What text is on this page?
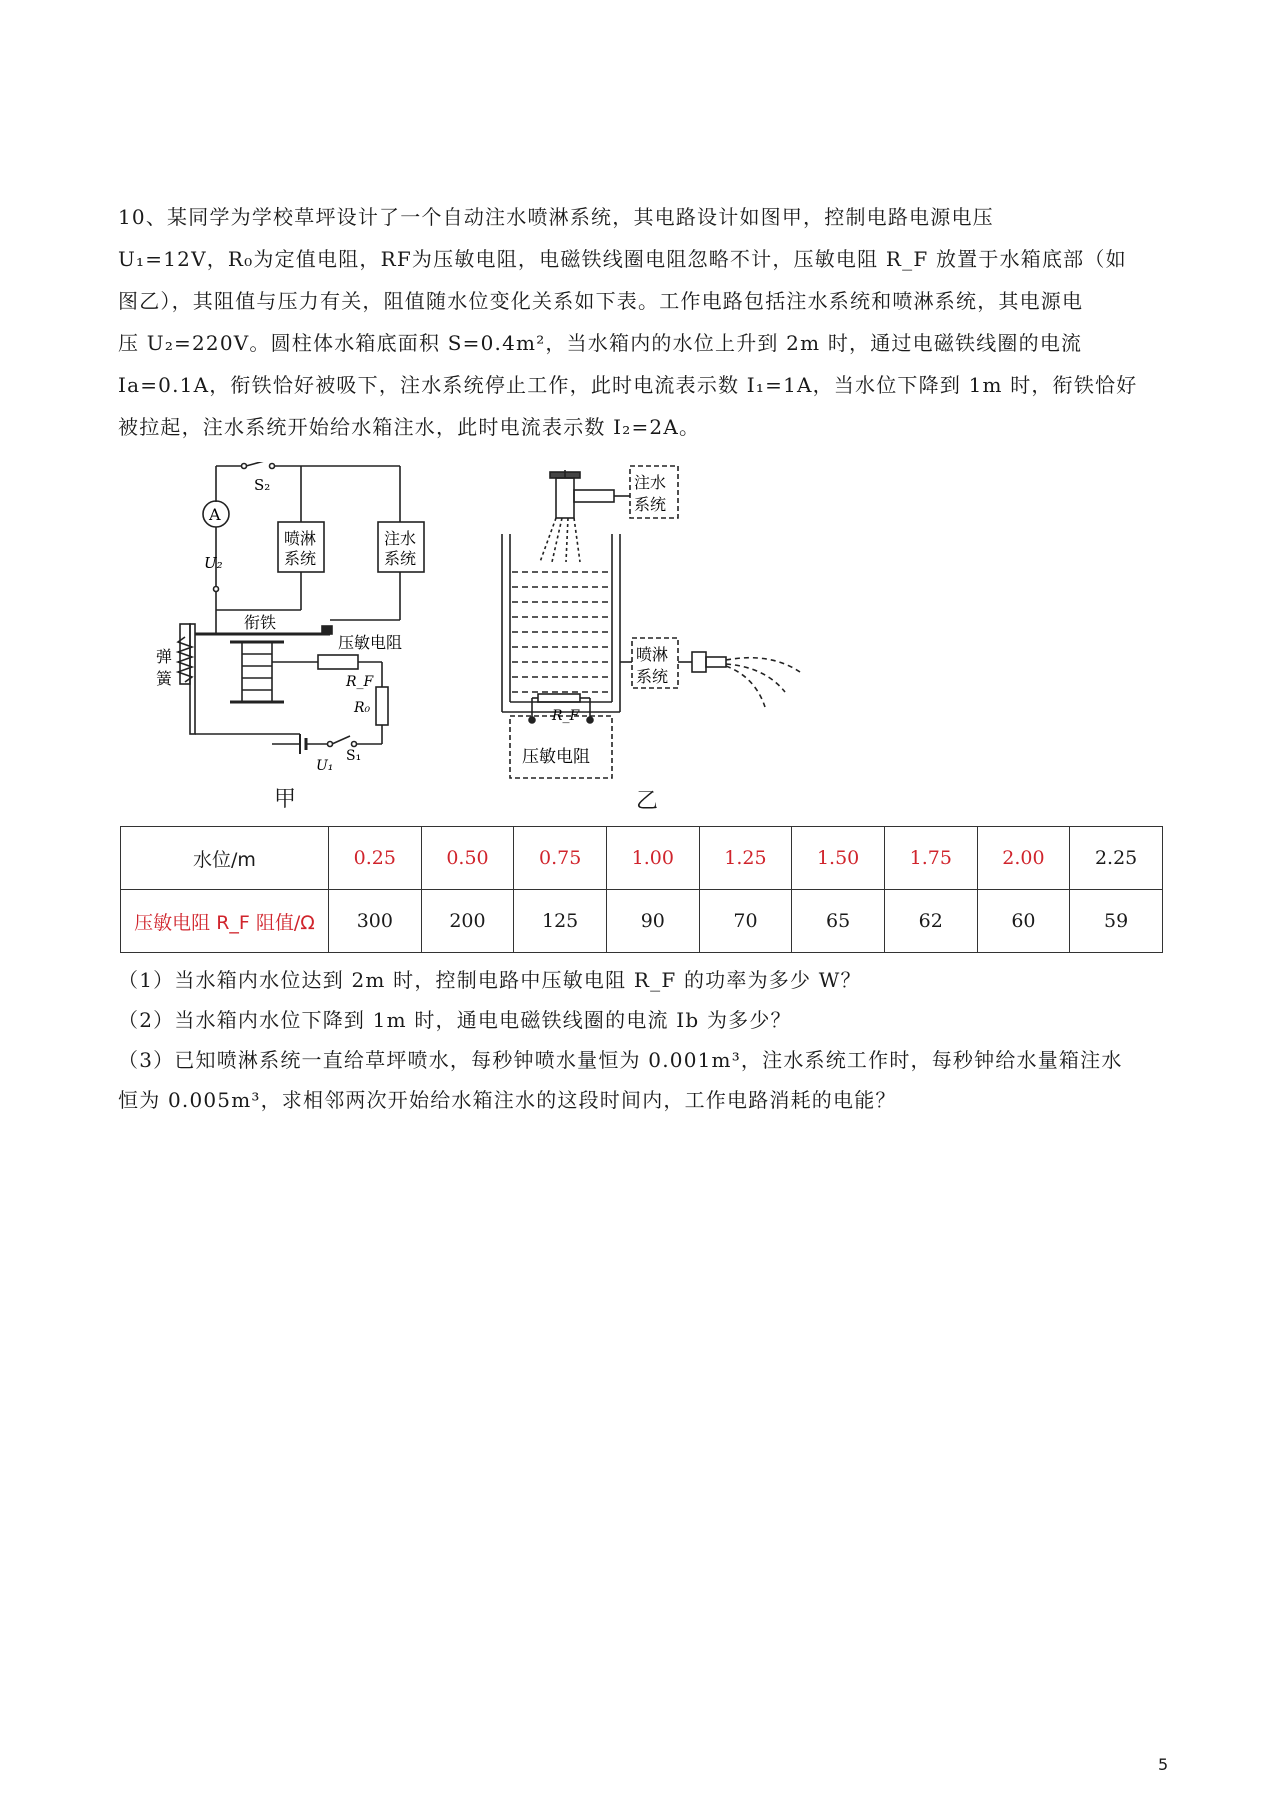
10、某同学为学校草坪设计了一个自动注水喷淋系统，其电路设计如图甲，控制电路电源电压

U₁=12V，R₀为定值电阻，RF为压敏电阻，电磁铁线圈电阻忽略不计，压敏电阻 R_F 放置于水箱底部（如

图乙），其阻值与压力有关，阻值随水位变化关系如下表。工作电路包括注水系统和喷淋系统，其电源电

压 U₂=220V。圆柱体水箱底面积 S=0.4m²，当水箱内的水位上升到 2m 时，通过电磁铁线圈的电流

Ia=0.1A，衔铁恰好被吸下，注水系统停止工作，此时电流表示数 I₁=1A，当水位下降到 1m 时，衔铁恰好

被拉起，注水系统开始给水箱注水，此时电流表示数 I₂=2A。

S₂
A
U₂
喷淋
系统
注水
系统
衔铁
压敏电阻
弹
簧	R_F
R₀
U₁
S₁
甲
注水
系统
喷淋
系统
R_F
压敏电阻
乙
水位/m	0.25	0.50	0.75	1.00	1.25	1.50	1.75	2.00	2.25
压敏电阻 R_F 阻值/Ω	300	200	125	90	70	65	62	60	59

（1）当水箱内水位达到 2m 时，控制电路中压敏电阻 R_F 的功率为多少 W？

（2）当水箱内水位下降到 1m 时，通电电磁铁线圈的电流 Ib 为多少？

（3）已知喷淋系统一直给草坪喷水，每秒钟喷水量恒为 0.001m³，注水系统工作时，每秒钟给水量箱注水

恒为 0.005m³，求相邻两次开始给水箱注水的这段时间内，工作电路消耗的电能？

5
